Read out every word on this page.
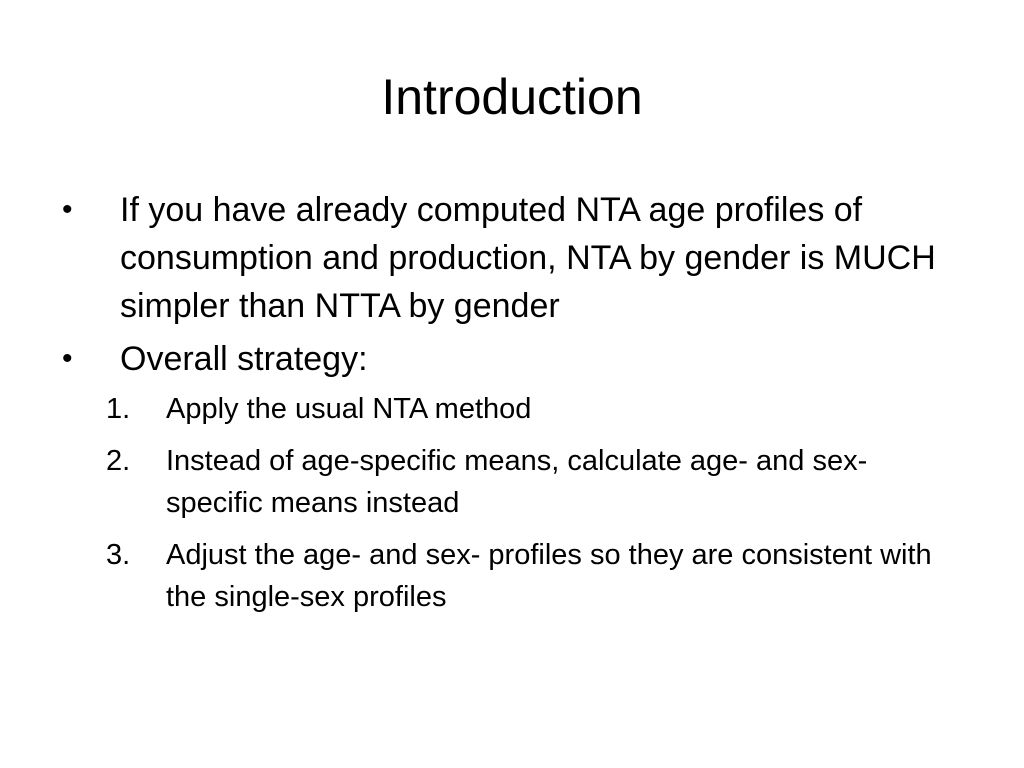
Introduction
• If you have already computed NTA age profiles of consumption and production, NTA by gender is MUCH simpler than NTTA by gender
• Overall strategy:
1. Apply the usual NTA method
2. Instead of age-specific means, calculate age- and sex-specific means instead
3. Adjust the age- and sex- profiles so they are consistent with the single-sex profiles
